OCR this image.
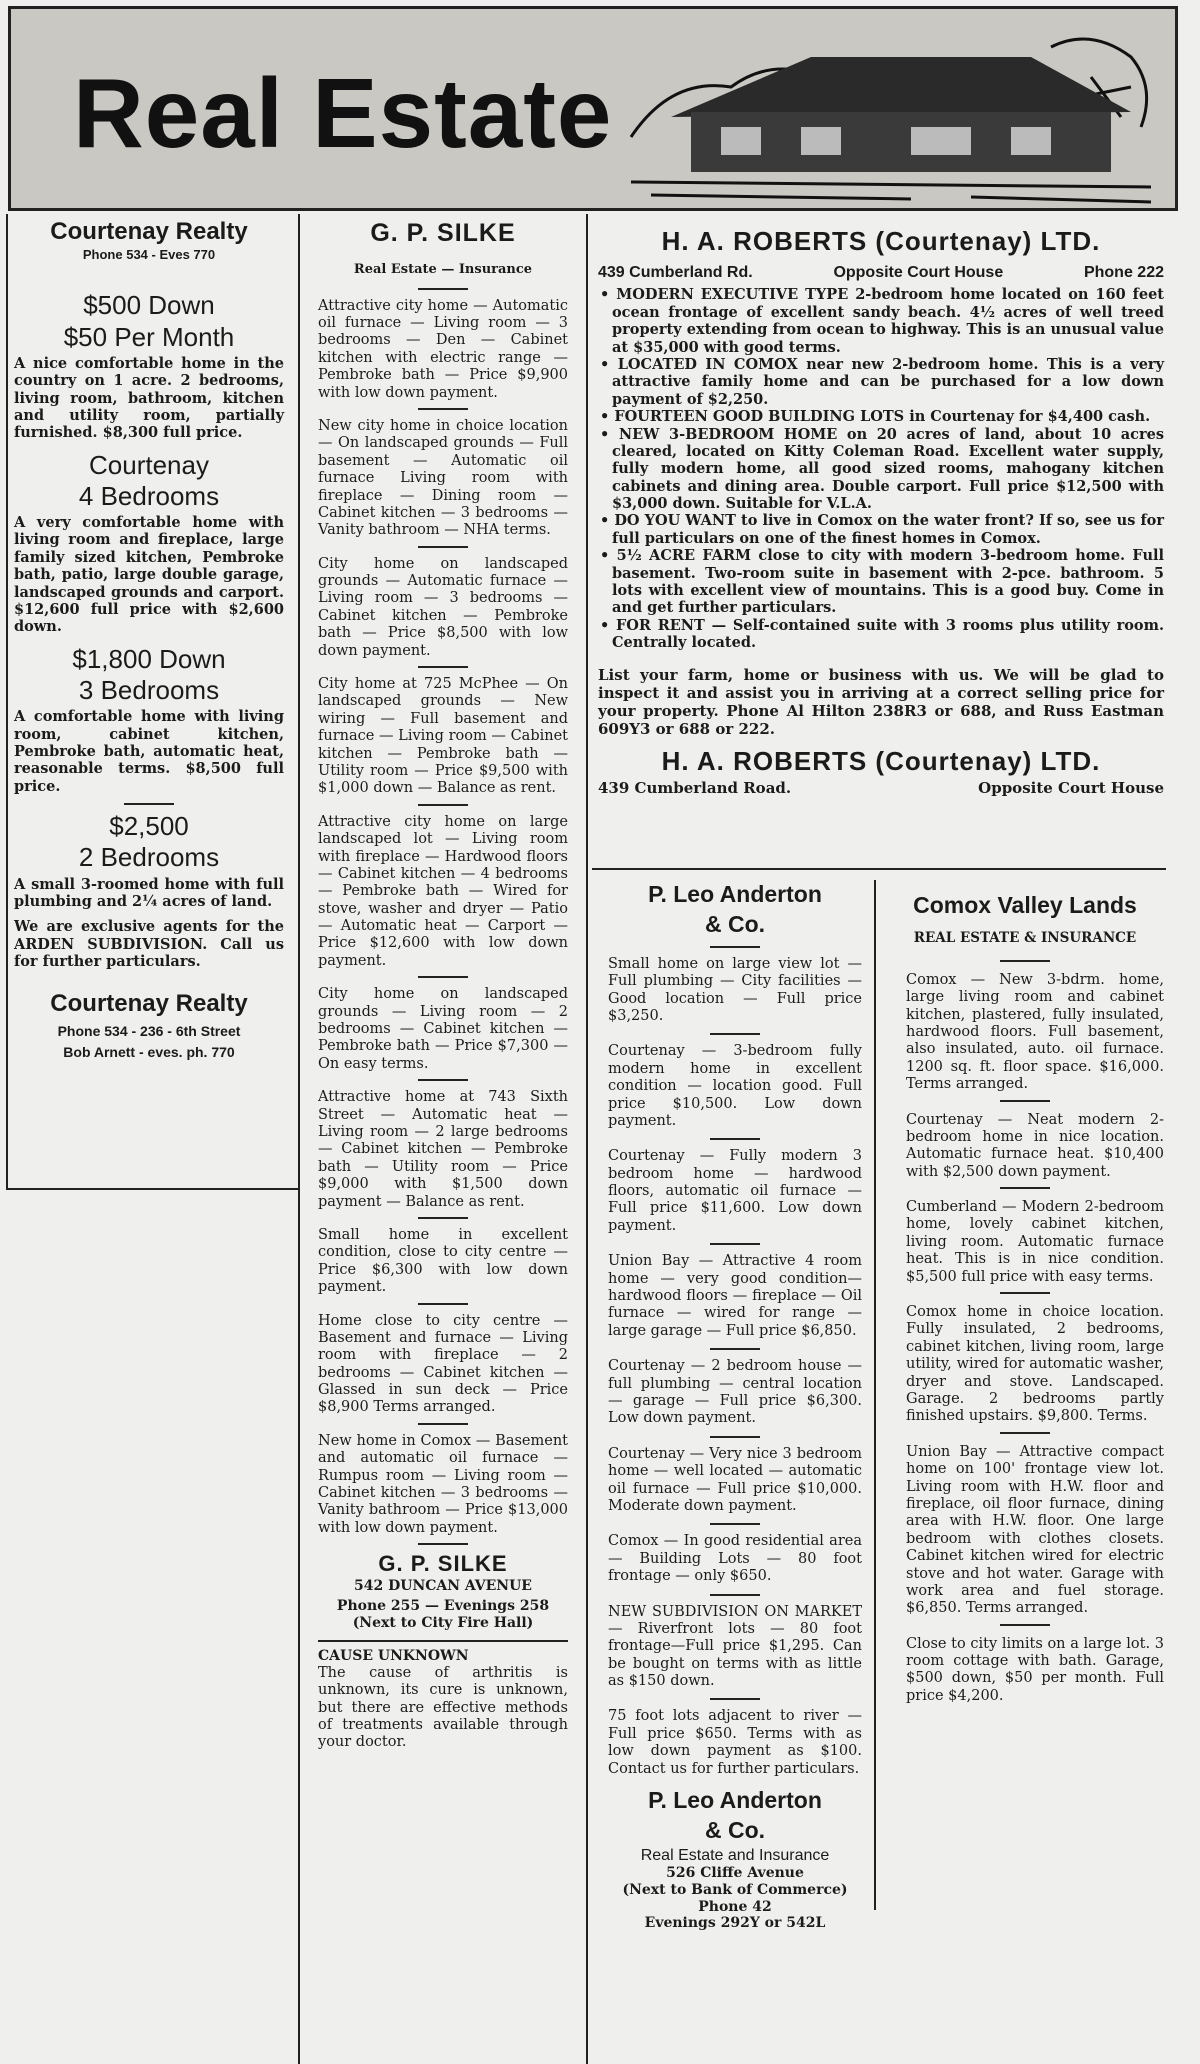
Real Estate
Courtenay Realty
Phone 534 - Eves 770
$500 Down
$50 Per Month

A nice comfortable home in the country on 1 acre. 2 bedrooms, living room, bathroom, kitchen and utility room, partially furnished. $8,300 full price.

Courtenay
4 Bedrooms

A very comfortable home with living room and fireplace, large family sized kitchen, Pembroke bath, patio, large double garage, landscaped grounds and carport. $12,600 full price with $2,600 down.

$1,800 Down
3 Bedrooms

A comfortable home with living room, cabinet kitchen, Pembroke bath, automatic heat, reasonable terms. $8,500 full price.

$2,500
2 Bedrooms

A small 3-roomed home with full plumbing and 2¼ acres of land.

We are exclusive agents for the ARDEN SUBDIVISION. Call us for further particulars.

Courtenay Realty
Phone 534 - 236 - 6th Street
Bob Arnett - eves. ph. 770
G. P. SILKE
Real Estate — Insurance

Attractive city home — Automatic oil furnace — Living room — 3 bedrooms — Den — Cabinet kitchen with electric range — Pembroke bath — Price $9,900 with low down payment.

New city home in choice location — On landscaped grounds — Full basement — Automatic oil furnace Living room with fireplace — Dining room — Cabinet kitchen — 3 bedrooms — Vanity bathroom — NHA terms.

City home on landscaped grounds — Automatic furnace — Living room — 3 bedrooms — Cabinet kitchen — Pembroke bath — Price $8,500 with low down payment.

City home at 725 McPhee — On landscaped grounds — New wiring — Full basement and furnace — Living room — Cabinet kitchen — Pembroke bath — Utility room — Price $9,500 with $1,000 down — Balance as rent.

Attractive city home on large landscaped lot — Living room with fireplace — Hardwood floors — Cabinet kitchen — 4 bedrooms — Pembroke bath — Wired for stove, washer and dryer — Patio — Automatic heat — Carport — Price $12,600 with low down payment.

City home on landscaped grounds — Living room — 2 bedrooms — Cabinet kitchen — Pembroke bath — Price $7,300 — On easy terms.

Attractive home at 743 Sixth Street — Automatic heat — Living room — 2 large bedrooms — Cabinet kitchen — Pembroke bath — Utility room — Price $9,000 with $1,500 down payment — Balance as rent.

Small home in excellent condition, close to city centre — Price $6,300 with low down payment.

Home close to city centre — Basement and furnace — Living room with fireplace — 2 bedrooms — Cabinet kitchen — Glassed in sun deck — Price $8,900 Terms arranged.

New home in Comox — Basement and automatic oil furnace — Rumpus room — Living room — Cabinet kitchen — 3 bedrooms — Vanity bathroom — Price $13,000 with low down payment.

G. P. SILKE
542 DUNCAN AVENUE
Phone 255 — Evenings 258
(Next to City Fire Hall)
CAUSE UNKNOWN

The cause of arthritis is unknown, its cure is unknown, but there are effective methods of treatments available through your doctor.

H. A. ROBERTS (Courtenay) LTD.
439 Cumberland Rd.	Opposite Court House	Phone 222
• MODERN EXECUTIVE TYPE 2-bedroom home located on 160 feet ocean frontage of excellent sandy beach. 4½ acres of well treed property extending from ocean to highway. This is an unusual value at $35,000 with good terms.
• LOCATED IN COMOX near new 2-bedroom home. This is a very attractive family home and can be purchased for a low down payment of $2,250.
• FOURTEEN GOOD BUILDING LOTS in Courtenay for $4,400 cash.
• NEW 3-BEDROOM HOME on 20 acres of land, about 10 acres cleared, located on Kitty Coleman Road. Excellent water supply, fully modern home, all good sized rooms, mahogany kitchen cabinets and dining area. Double carport. Full price $12,500 with $3,000 down. Suitable for V.L.A.
• DO YOU WANT to live in Comox on the water front? If so, see us for full particulars on one of the finest homes in Comox.
• 5½ ACRE FARM close to city with modern 3-bedroom home. Full basement. Two-room suite in basement with 2-pce. bathroom. 5 lots with excellent view of mountains. This is a good buy. Come in and get further particulars.
• FOR RENT — Self-contained suite with 3 rooms plus utility room. Centrally located.

List your farm, home or business with us. We will be glad to inspect it and assist you in arriving at a correct selling price for your property. Phone Al Hilton 238R3 or 688, and Russ Eastman 609Y3 or 688 or 222.

H. A. ROBERTS (Courtenay) LTD.
439 Cumberland Road.	Opposite Court House
P. Leo Anderton
& Co.

Small home on large view lot — Full plumbing — City facilities — Good location — Full price $3,250.

Courtenay — 3-bedroom fully modern home in excellent condition — location good. Full price $10,500. Low down payment.

Courtenay — Fully modern 3 bedroom home — hardwood floors, automatic oil furnace — Full price $11,600. Low down payment.

Union Bay — Attractive 4 room home — very good condition—hardwood floors — fireplace — Oil furnace — wired for range — large garage — Full price $6,850.

Courtenay — 2 bedroom house — full plumbing — central location — garage — Full price $6,300. Low down payment.

Courtenay — Very nice 3 bedroom home — well located — automatic oil furnace — Full price $10,000. Moderate down payment.

Comox — In good residential area — Building Lots — 80 foot frontage — only $650.

NEW SUBDIVISION ON MARKET — Riverfront lots — 80 foot frontage—Full price $1,295. Can be bought on terms with as little as $150 down.

75 foot lots adjacent to river — Full price $650. Terms with as low down payment as $100. Contact us for further particulars.

P. Leo Anderton
& Co.
Real Estate and Insurance
526 Cliffe Avenue
(Next to Bank of Commerce)
Phone 42
Evenings 292Y or 542L
Comox Valley Lands
REAL ESTATE & INSURANCE

Comox — New 3-bdrm. home, large living room and cabinet kitchen, plastered, fully insulated, hardwood floors. Full basement, also insulated, auto. oil furnace. 1200 sq. ft. floor space. $16,000. Terms arranged.

Courtenay — Neat modern 2-bedroom home in nice location. Automatic furnace heat. $10,400 with $2,500 down payment.

Cumberland — Modern 2-bedroom home, lovely cabinet kitchen, living room. Automatic furnace heat. This is in nice condition. $5,500 full price with easy terms.

Comox home in choice location. Fully insulated, 2 bedrooms, cabinet kitchen, living room, large utility, wired for automatic washer, dryer and stove. Landscaped. Garage. 2 bedrooms partly finished upstairs. $9,800. Terms.

Union Bay — Attractive compact home on 100' frontage view lot. Living room with H.W. floor and fireplace, oil floor furnace, dining area with H.W. floor. One large bedroom with clothes closets. Cabinet kitchen wired for electric stove and hot water. Garage with work area and fuel storage. $6,850. Terms arranged.

Close to city limits on a large lot. 3 room cottage with bath. Garage, $500 down, $50 per month. Full price $4,200.
